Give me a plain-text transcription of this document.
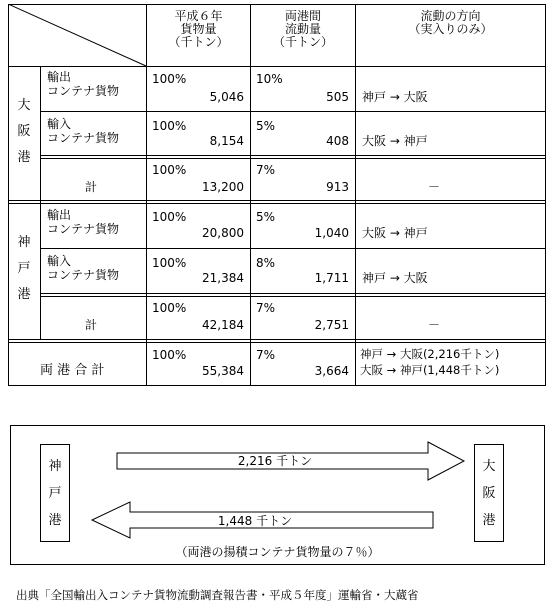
平成６年
貨物量
（千トン）
両港間
流動量
（千トン）
流動の方向
（実入りのみ）
大
阪
港
神
戸
港
輸出
コンテナ貨物
100%
5,046
10%
505 神戸 → 大阪
輸入
コンテナ貨物
100%
8,154
5%
408 大阪 → 神戸
計
100%
13,200
7%
913	－
輸出
コンテナ貨物
100%
20,800
5%
1,040 大阪 → 神戸
輸入
コンテナ貨物
100%
21,384
8%
1,711 神戸 → 大阪
計
100%
42,184
7%
2,751	－
両 港 合 計
100%
55,384
7%
3,664
神戸 → 大阪(2,216千トン)
大阪 → 神戸(1,448千トン)
神
戸
港
大
阪
港
2,216 千トン
1,448 千トン
（両港の揚積コンテナ貨物量の７％）
出典「全国輸出入コンテナ貨物流動調査報告書・平成５年度」運輸省・大蔵省
